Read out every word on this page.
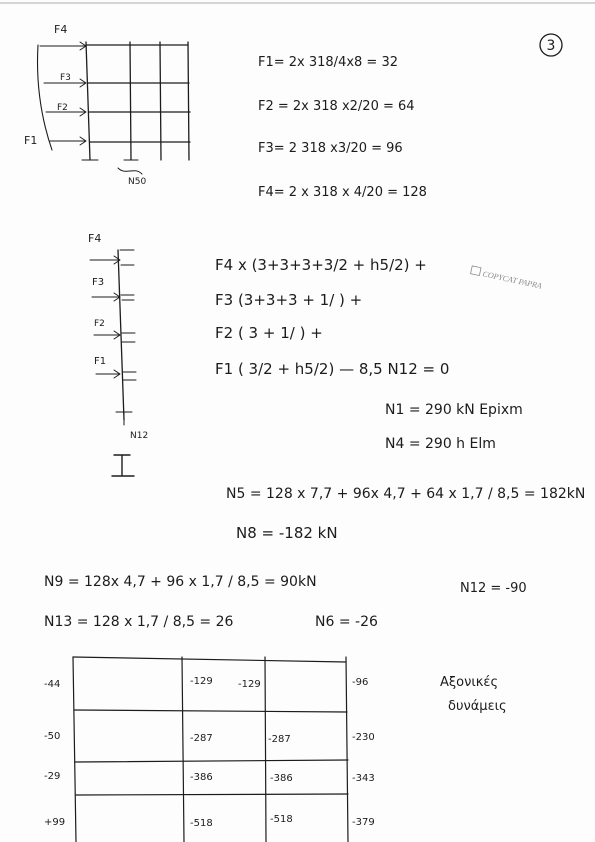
3
F4
F3
F2
F1
N50
F1= 2x 318/4x8 = 32
F2 = 2x 318 x2/20 = 64
F3= 2 318 x3/20 = 96
F4= 2 x 318 x 4/20 = 128
F4
F3
F2
F1
N12
F4 x (3+3+3+3/2 + h5/2) +
F3 (3+3+3 + 1/ ) +
F2 ( 3 + 1/ ) +
F1 ( 3/2 + h5/2) — 8,5 N12 = 0
COPYCAT PAPRA
N1 = 290 kN Epixm
N4 = 290 h Elm
N5 = 128 x 7,7 + 96x 4,7 + 64 x 1,7 / 8,5 = 182kN
N8 = -182 kN
N9 = 128x 4,7 + 96 x 1,7 / 8,5 = 90kN	N12 = -90
N13 = 128 x 1,7 / 8,5 = 26	N6 = -26
-44	-129	-129	-96
-50	-287	-287	-230
-29	-386	-386	-343
+99	-518	-518	-379
Αξονικές
δυνάμεις
